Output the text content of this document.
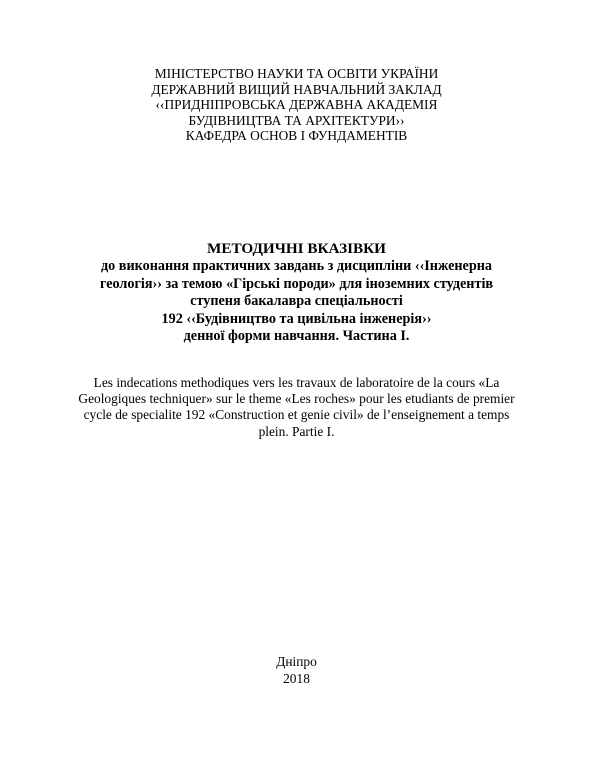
МІНІСТЕРСТВО НАУКИ ТА ОСВІТИ УКРАЇНИ
ДЕРЖАВНИЙ ВИЩИЙ НАВЧАЛЬНИЙ ЗАКЛАД
‹‹ПРИДНІПРОВСЬКА ДЕРЖАВНА АКАДЕМІЯ
БУДІВНИЦТВА ТА АРХІТЕКТУРИ››
КАФЕДРА ОСНОВ І ФУНДАМЕНТІВ
МЕТОДИЧНІ ВКАЗІВКИ
до виконання практичних завдань з дисципліни ‹‹Інженерна
геологія›› за темою «Гірські породи» для іноземних студентів
ступеня бакалавра спеціальності
192 ‹‹Будівництво та цивільна інженерія››
денної форми навчання. Частина І.
Les indecations methodiques vers les travaux de laboratoire de la cours «La
Geologiques techniquer» sur le theme «Les roches» pour les etudiants de premier
cycle de specialite 192 «Construction et genie civil» de l’enseignement a temps
plein. Partie I.
Дніпро
2018
